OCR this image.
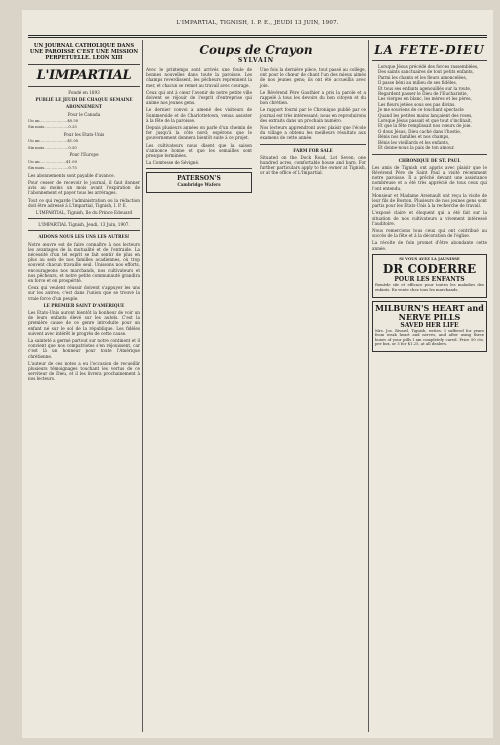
L'IMPARTIAL, TIGNISH, I. P. E., JEUDI 13 JUIN, 1907.
UN JOURNAL CATHOLIQUE DANS UNE PAROISSE C'EST UNE MISSION PERPETUELLE. LEON XIII
L'IMPARTIAL

Fondé en 1893

PUBLIÉ LE JEUDI DE CHAQUE SEMAINE

ABONNEMENT

Pour le Canada

Un an.......................$0.50

Six mois....................0.25

Pour les Etats-Unis

Un an.......................$1.00

Six mois....................0.50

Pour l'Europe

Un an......................$1.00

Six mois....................0.75

Les abonnements sont payable d'avance.

Pour cesser de recevoir le journal, il faut donner avis au moins un mois avant l'expiration de l'abonnement et payer tous les arrérages.

Tout ce qui regarde l'administration ou la rédaction doit être adressé à L'Impartial, Tignish, I. P. E.

L'IMPARTIAL, Tignish, Ile du Prince Edouard

L'IMPARTIAL Tignish, Jeudi, 13 Juin, 1907.

AIDONS NOUS LES UNS LES AUTRES!

Notre œuvre est de faire connaître à nos lecteurs les avantages de la mutualité et de l'entraide. La nécessité d'un tel esprit se fait sentir de plus en plus au sein de nos familles acadiennes, où trop souvent chacun travaille seul. Unissons nos efforts, encourageons nos marchands, nos cultivateurs et nos pêcheurs, et notre petite communauté grandira en force et en prospérité.

Ceux qui veulent réussir doivent s'appuyer les uns sur les autres; c'est dans l'union que se trouve la vraie force d'un peuple.

LE PREMIER SAINT D'AMÉRIQUE

Les Etats-Unis auront bientôt la bonheur de voir un de leurs enfants élevé sur les autels. C'est la première cause de ce genre introduite pour un enfant né sur le sol de la république. Les fidèles suivent avec intérêt le progrès de cette cause.

La sainteté a germé partout sur notre continent et il convient que nos compatriotes s'en réjouissent, car c'est là un honneur pour toute l'Amérique chrétienne.

L'auteur de ces notes a eu l'occasion de recueillir plusieurs témoignages touchant les vertus de ce serviteur de Dieu, et il les livrera prochainement à nos lecteurs.

Coups de Crayon
SYLVAIN

Avec le printemps sont arrivés une foule de bonnes nouvelles dans toute la paroisse. Les champs reverdissent, les pêcheurs reprennent la mer, et chacun se remet au travail avec courage.

Ceux qui ont à cœur l'avenir de notre petite ville doivent se réjouir de l'esprit d'entreprise qui anime nos jeunes gens.

Le dernier convoi a amené des visiteurs de Summerside et de Charlottetown, venus assister à la fête de la paroisse.

Depuis plusieurs années on parle d'un chemin de fer jusqu'à la côte nord; espérons que le gouvernement donnera bientôt suite à ce projet.

Les cultivateurs nous disent que la saison s'annonce bonne et que les semailles sont presque terminées.

La Comtesse de Sévigné.

PATERSON'S
Cambridge Wafers

Une fois la dernière pièce, tout passé au collège, ont pour le chœur de chant l'un des mieux aimés de nos jeunes gens; ils ont été accueillis avec joie.

Le Révérend Père Gauthier a pris la parole et a rappelé à tous les devoirs du bon citoyen et du bon chrétien.

Le rapport fourni par le Chronique publié par ce journal est très intéressant; nous en reproduirons des extraits dans un prochain numéro.

Nos lecteurs apprendront avec plaisir que l'école du village a obtenu les meilleurs résultats aux examens de cette année.

FARM FOR SALE

Situated on the Dock Road, Lot Seven, one hundred acres, comfortable house and barn. For further particulars apply to the owner at Tignish, or at the office of L'Impartial.

LA FETE-DIEU
Lorsque Jésus précédé des forces rassemblées,
Des saints sanctuaires de tout petits enfants,
Parmi les chants et les fleurs amoncelées,
Il passe béni au milieu de ses fidèles,
Et tous ses enfants agenouillés sur la route,
Regardent passer le Dieu de l'Eucharistie,
Les vierges en blanc, les mères et les pères,
Les fleurs jetées sous ses pas divins.
Je me souviens de ce touchant spectacle
Quand les petites mains lançaient des roses,
Lorsque Jésus passait et que tout s'inclinait,
Et que la fête remplissait nos cœurs de joie.
O doux Jésus, Dieu caché dans l'hostie,
Bénis nos familles et nos champs,
Bénis les vieillards et les enfants,
Et donne-nous la paix de ton amour.

CHRONIQUE DE ST. PAUL

Les amis de Tignish ont appris avec plaisir que le Révérend Père de Saint Paul a visité récemment notre paroisse. Il a prêché devant une assistance nombreuse et a été très apprécié de tous ceux qui l'ont entendu.

Monsieur et Madame Arsenault ont reçu la visite de leur fils de Boston. Plusieurs de nos jeunes gens sont partis pour les Etats-Unis à la recherche de travail.

L'exposé claire et éloquent qui a été fait sur la situation de nos cultivateurs a vivement intéressé l'auditoire.

Nous remercions tous ceux qui ont contribué au succès de la fête et à la décoration de l'église.

La récolte de foin promet d'être abondante cette année.

SI VOUS AVEZ LA JAUNISSE
DR CODERRE
POUR LES ENFANTS
Remède sûr et efficace pour toutes les maladies des enfants. En vente chez tous les marchands.
MILBURN'S HEART and NERVE PILLS
SAVED HER LIFE
Mrs. Jos. Rivard, Tignish, writes: I suffered for years from weak heart and nerves, and after using three boxes of your pills I am completely cured. Price 50 cts. per box, or 3 for $1.25, at all dealers.
